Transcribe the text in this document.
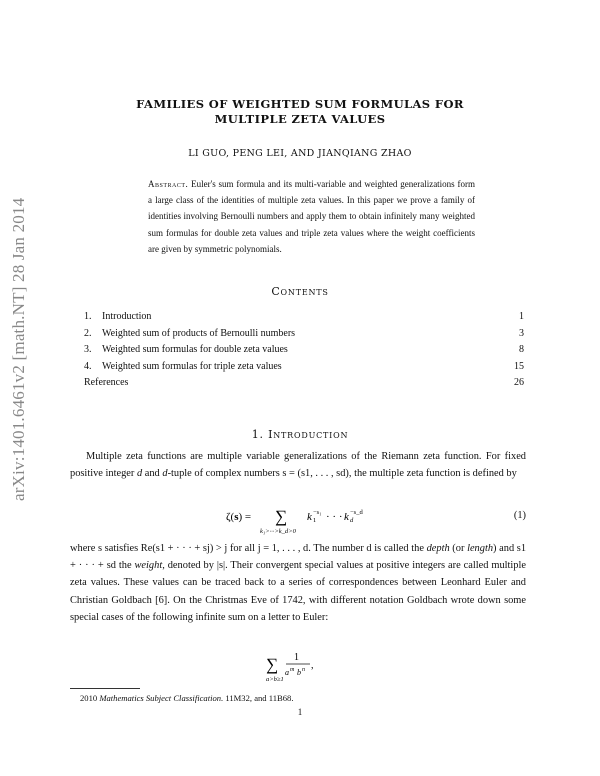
arXiv:1401.6461v2 [math.NT] 28 Jan 2014
FAMILIES OF WEIGHTED SUM FORMULAS FOR
MULTIPLE ZETA VALUES
LI GUO, PENG LEI, AND JIANQIANG ZHAO
Abstract. Euler's sum formula and its multi-variable and weighted generalizations form a large class of the identities of multiple zeta values. In this paper we prove a family of identities involving Bernoulli numbers and apply them to obtain infinitely many weighted sum formulas for double zeta values and triple zeta values where the weight coefficients are given by symmetric polynomials.
Contents
1. Introduction	1
2. Weighted sum of products of Bernoulli numbers	3
3. Weighted sum formulas for double zeta values	8
4. Weighted sum formulas for triple zeta values	15
References	26
1. Introduction
Multiple zeta functions are multiple variable generalizations of the Riemann zeta function. For fixed positive integer d and d-tuple of complex numbers s = (s1, . . . , sd), the multiple zeta function is defined by
ζ(s) = ∑
k₁>···>k_d>0
k 1
−s₁ · · · k d
−s_d	(1)
where s satisfies Re(s1 + · · · + sj) > j for all j = 1, . . . , d. The number d is called the depth (or length) and s1 + · · · + sd the weight, denoted by |s|. Their convergent special values at positive integers are called multiple zeta values. These values can be traced back to a series of correspondences between Leonhard Euler and Christian Goldbach [6]. On the Christmas Eve of 1742, with different notation Goldbach wrote down some special cases of the following infinite sum on a letter to Euler:
∑
a>b≥1
1
a m b n ,
2010 Mathematics Subject Classification. 11M32, and 11B68.
1
